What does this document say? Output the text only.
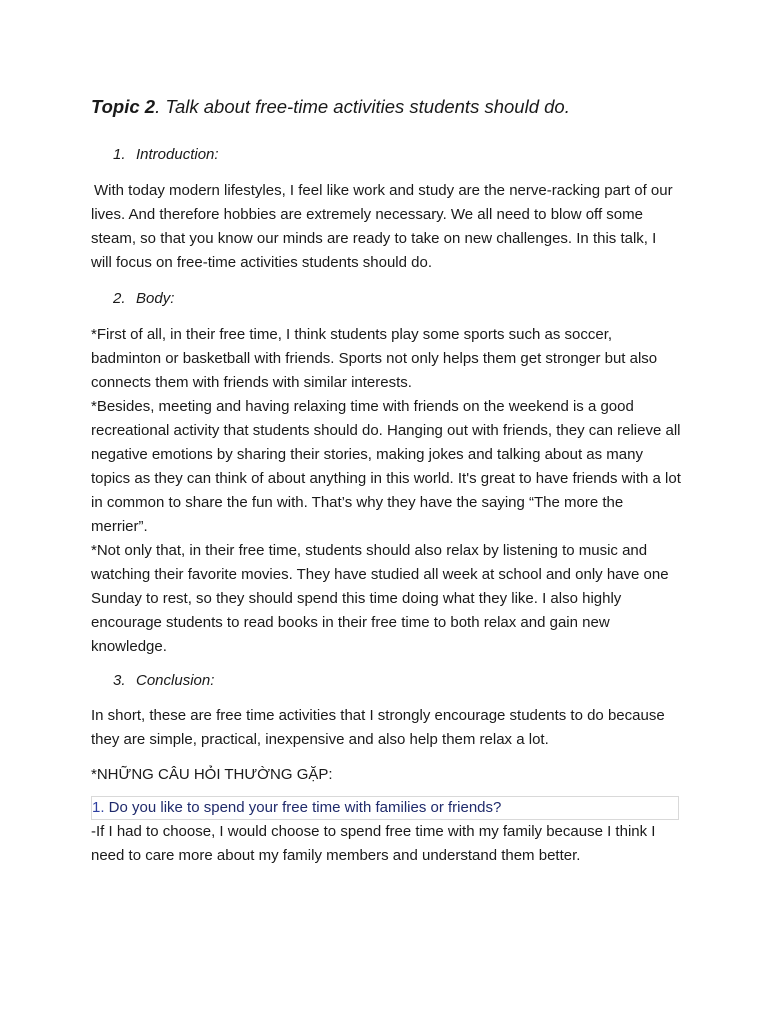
Topic 2. Talk about free-time activities students should do.
1. Introduction:

With today modern lifestyles, I feel like work and study are the nerve-racking part of our lives. And therefore hobbies are extremely necessary. We all need to blow off some steam, so that you know our minds are ready to take on new challenges. In this talk, I will focus on free-time activities students should do.

2. Body:

*First of all, in their free time, I think students play some sports such as soccer, badminton or basketball with friends. Sports not only helps them get stronger but also connects them with friends with similar interests.

*Besides, meeting and having relaxing time with friends on the weekend is a good recreational activity that students should do. Hanging out with friends, they can relieve all negative emotions by sharing their stories, making jokes and talking about as many topics as they can think of about anything in this world. It's great to have friends with a lot in common to share the fun with. That’s why they have the saying “The more the merrier”.

*Not only that, in their free time, students should also relax by listening to music and watching their favorite movies. They have studied all week at school and only have one Sunday to rest, so they should spend this time doing what they like. I also highly encourage students to read books in their free time to both relax and gain new knowledge.

3. Conclusion:

In short, these are free time activities that I strongly encourage students to do because they are simple, practical, inexpensive and also help them relax a lot.

*NHỮNG CÂU HỎI THƯỜNG GẶP:
1. Do you like to spend your free time with families or friends?

-If I had to choose, I would choose to spend free time with my family because I think I need to care more about my family members and understand them better.
